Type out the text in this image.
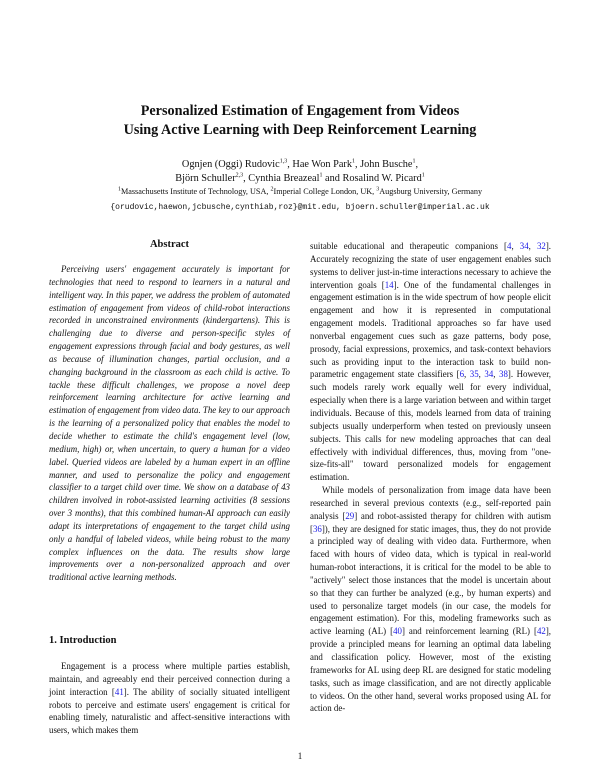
Personalized Estimation of Engagement from Videos
Using Active Learning with Deep Reinforcement Learning
Ognjen (Oggi) Rudovic$^{1,3}$, Hae Won Park$^1$, John Busche$^1$,
Björn Schuller$^{2,3}$, Cynthia Breazeal$^1$ and Rosalind W. Picard$^1$
$^1$Massachusetts Institute of Technology, USA, $^2$Imperial College London, UK, $^3$Augsburg University, Germany
{orudovic,haewon,jcbusche,cynthiab,roz}@mit.edu, bjoern.schuller@imperial.ac.uk
Abstract
Perceiving users' engagement accurately is important for technologies that need to respond to learners in a natural and intelligent way. In this paper, we address the problem of automated estimation of engagement from videos of child-robot interactions recorded in unconstrained environments (kindergartens). This is challenging due to diverse and person-specific styles of engagement expressions through facial and body gestures, as well as because of illumination changes, partial occlusion, and a changing background in the classroom as each child is active. To tackle these difficult challenges, we propose a novel deep reinforcement learning architecture for active learning and estimation of engagement from video data. The key to our approach is the learning of a personalized policy that enables the model to decide whether to estimate the child's engagement level (low, medium, high) or, when uncertain, to query a human for a video label. Queried videos are labeled by a human expert in an offline manner, and used to personalize the policy and engagement classifier to a target child over time. We show on a database of 43 children involved in robot-assisted learning activities (8 sessions over 3 months), that this combined human-AI approach can easily adapt its interpretations of engagement to the target child using only a handful of labeled videos, while being robust to the many complex influences on the data. The results show large improvements over a non-personalized approach and over traditional active learning methods.
1. Introduction
Engagement is a process where multiple parties establish, maintain, and agreeably end their perceived connection during a joint interaction [41]. The ability of socially situated intelligent robots to perceive and estimate users' engagement is critical for enabling timely, naturalistic and affect-sensitive interactions with users, which makes them

suitable educational and therapeutic companions [4, 34, 32]. Accurately recognizing the state of user engagement enables such systems to deliver just-in-time interactions necessary to achieve the intervention goals [14]. One of the fundamental challenges in engagement estimation is in the wide spectrum of how people elicit engagement and how it is represented in computational engagement models. Traditional approaches so far have used nonverbal engagement cues such as gaze patterns, body pose, prosody, facial expressions, proxemics, and task-context behaviors such as providing input to the interaction task to build non-parametric engagement state classifiers [6, 35, 34, 38]. However, such models rarely work equally well for every individual, especially when there is a large variation between and within target individuals. Because of this, models learned from data of training subjects usually underperform when tested on previously unseen subjects. This calls for new modeling approaches that can deal effectively with individual differences, thus, moving from "one-size-fits-all" toward personalized models for engagement estimation.

While models of personalization from image data have been researched in several previous contexts (e.g., self-reported pain analysis [29] and robot-assisted therapy for children with autism [36]), they are designed for static images, thus, they do not provide a principled way of dealing with video data. Furthermore, when faced with hours of video data, which is typical in real-world human-robot interactions, it is critical for the model to be able to "actively" select those instances that the model is uncertain about so that they can further be analyzed (e.g., by human experts) and used to personalize target models (in our case, the models for engagement estimation). For this, modeling frameworks such as active learning (AL) [40] and reinforcement learning (RL) [42], provide a principled means for learning an optimal data labeling and classification policy. However, most of the existing frameworks for AL using deep RL are designed for static modeling tasks, such as image classification, and are not directly applicable to videos. On the other hand, several works proposed using AL for action de-

1
